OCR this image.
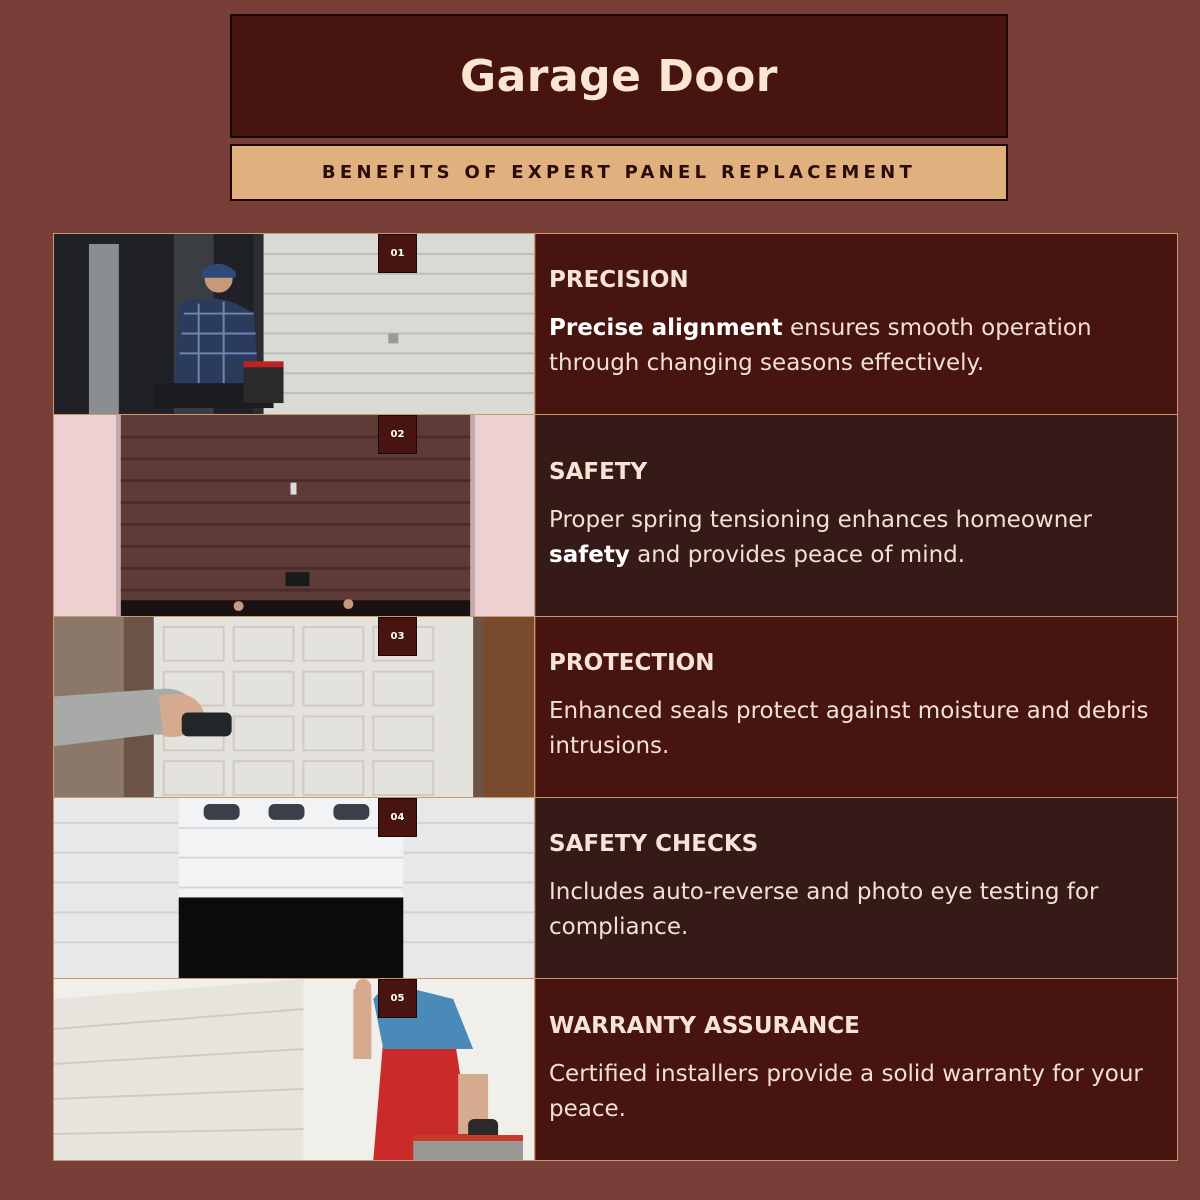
Garage Door
BENEFITS OF EXPERT PANEL REPLACEMENT
01
PRECISION
Precise alignment ensures smooth operation through changing seasons effectively.
02
SAFETY
Proper spring tensioning enhances homeowner safety and provides peace of mind.
03
PROTECTION
Enhanced seals protect against moisture and debris intrusions.
04
SAFETY CHECKS
Includes auto-reverse and photo eye testing for compliance.
05
WARRANTY ASSURANCE
Certified installers provide a solid warranty for your peace.
